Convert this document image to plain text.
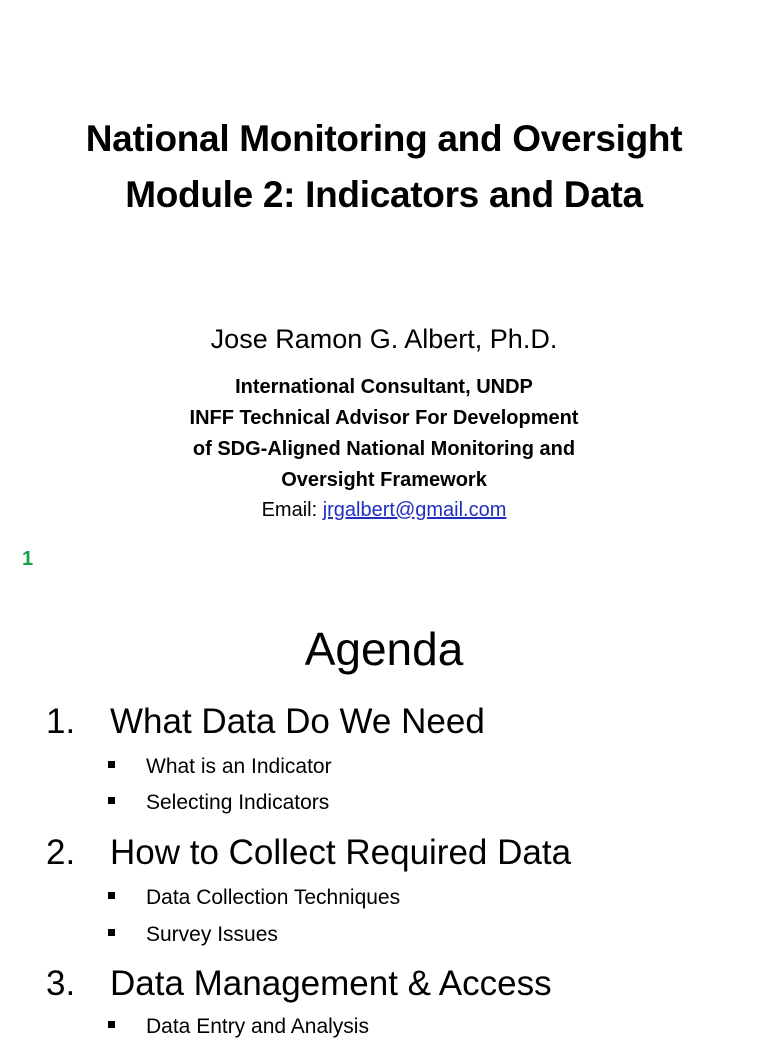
National Monitoring and Oversight
Module 2: Indicators and Data
Jose Ramon G. Albert, Ph.D.
International Consultant, UNDP
INFF Technical Advisor For Development
of SDG-Aligned National Monitoring and
Oversight Framework
Email: jrgalbert@gmail.com
1
Agenda
1. What Data Do We Need
What is an Indicator
Selecting Indicators
2. How to Collect Required Data
Data Collection Techniques
Survey Issues
3. Data Management & Access
Data Entry and Analysis
